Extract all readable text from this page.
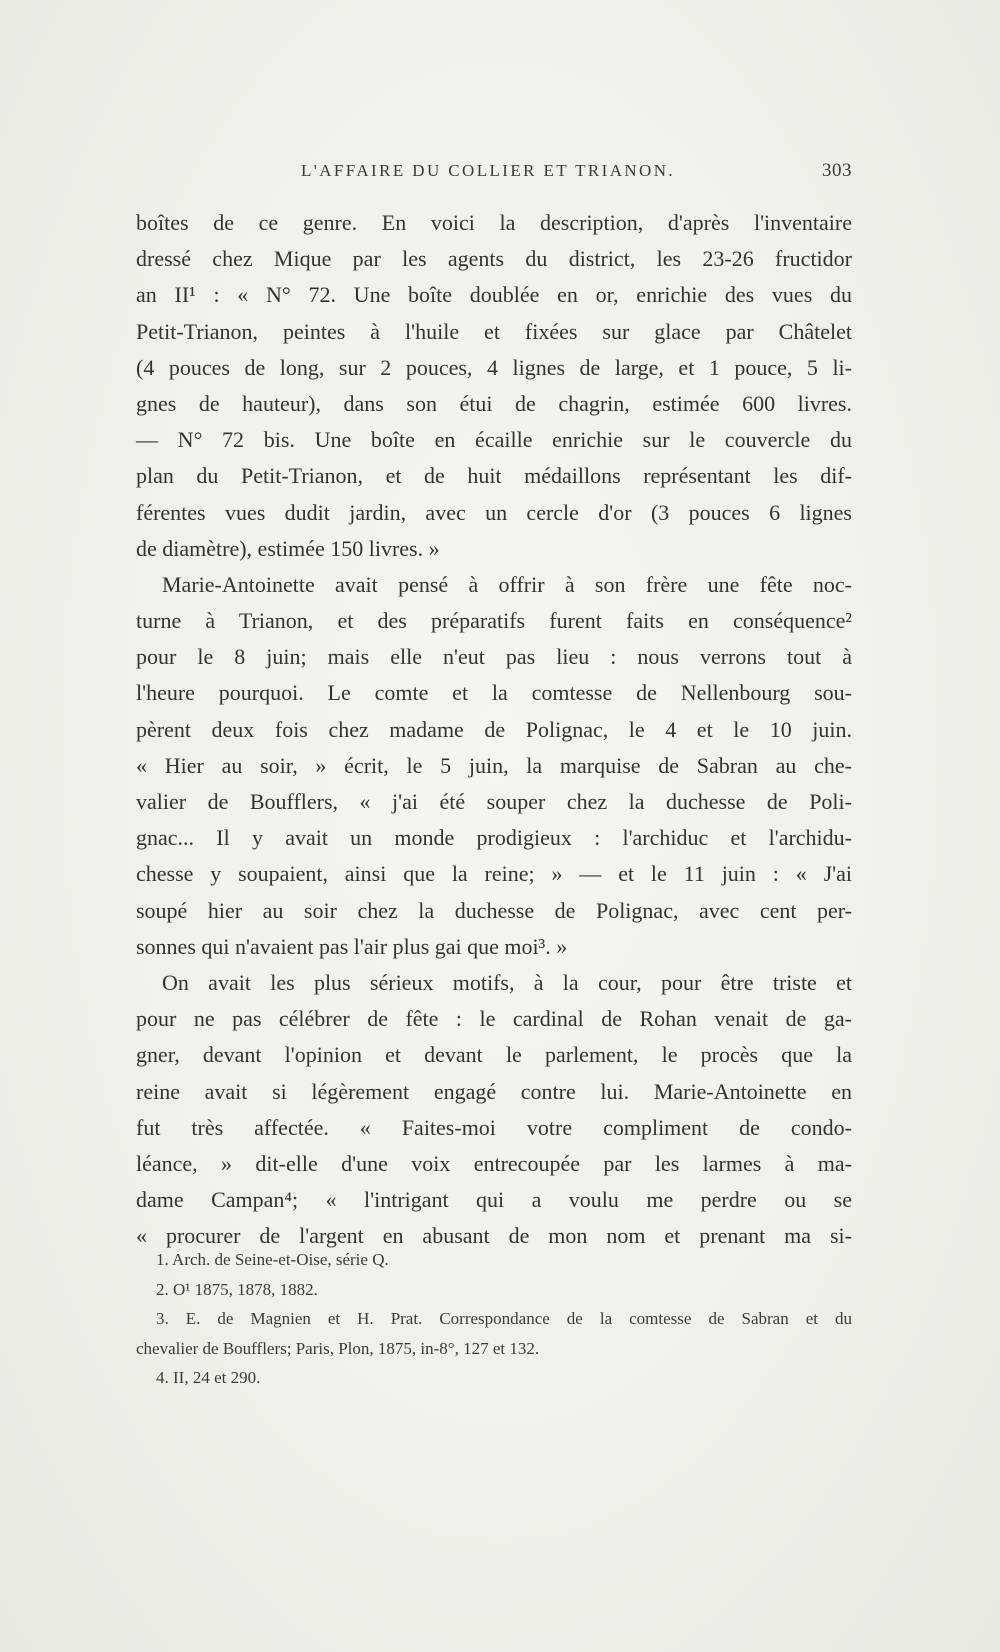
L'AFFAIRE DU COLLIER ET TRIANON.	303
boîtes de ce genre. En voici la description, d'après l'inventaire
dressé chez Mique par les agents du district, les 23-26 fructidor
an II¹ : « N° 72. Une boîte doublée en or, enrichie des vues du
Petit-Trianon, peintes à l'huile et fixées sur glace par Châtelet
(4 pouces de long, sur 2 pouces, 4 lignes de large, et 1 pouce, 5 li-
gnes de hauteur), dans son étui de chagrin, estimée 600 livres.
— N° 72 bis. Une boîte en écaille enrichie sur le couvercle du
plan du Petit-Trianon, et de huit médaillons représentant les dif-
férentes vues dudit jardin, avec un cercle d'or (3 pouces 6 lignes
de diamètre), estimée 150 livres. »
Marie-Antoinette avait pensé à offrir à son frère une fête noc-
turne à Trianon, et des préparatifs furent faits en conséquence²
pour le 8 juin; mais elle n'eut pas lieu : nous verrons tout à
l'heure pourquoi. Le comte et la comtesse de Nellenbourg sou-
pèrent deux fois chez madame de Polignac, le 4 et le 10 juin.
« Hier au soir, » écrit, le 5 juin, la marquise de Sabran au che-
valier de Boufflers, « j'ai été souper chez la duchesse de Poli-
gnac... Il y avait un monde prodigieux : l'archiduc et l'archidu-
chesse y soupaient, ainsi que la reine; » — et le 11 juin : « J'ai
soupé hier au soir chez la duchesse de Polignac, avec cent per-
sonnes qui n'avaient pas l'air plus gai que moi³. »
On avait les plus sérieux motifs, à la cour, pour être triste et
pour ne pas célébrer de fête : le cardinal de Rohan venait de ga-
gner, devant l'opinion et devant le parlement, le procès que la
reine avait si légèrement engagé contre lui. Marie-Antoinette en
fut très affectée. « Faites-moi votre compliment de condo-
léance, » dit-elle d'une voix entrecoupée par les larmes à ma-
dame Campan⁴; « l'intrigant qui a voulu me perdre ou se
« procurer de l'argent en abusant de mon nom et prenant ma si-
1. Arch. de Seine-et-Oise, série Q.
2. O¹ 1875, 1878, 1882.
3. E. de Magnien et H. Prat. Correspondance de la comtesse de Sabran et du
chevalier de Boufflers; Paris, Plon, 1875, in-8°, 127 et 132.
4. II, 24 et 290.
